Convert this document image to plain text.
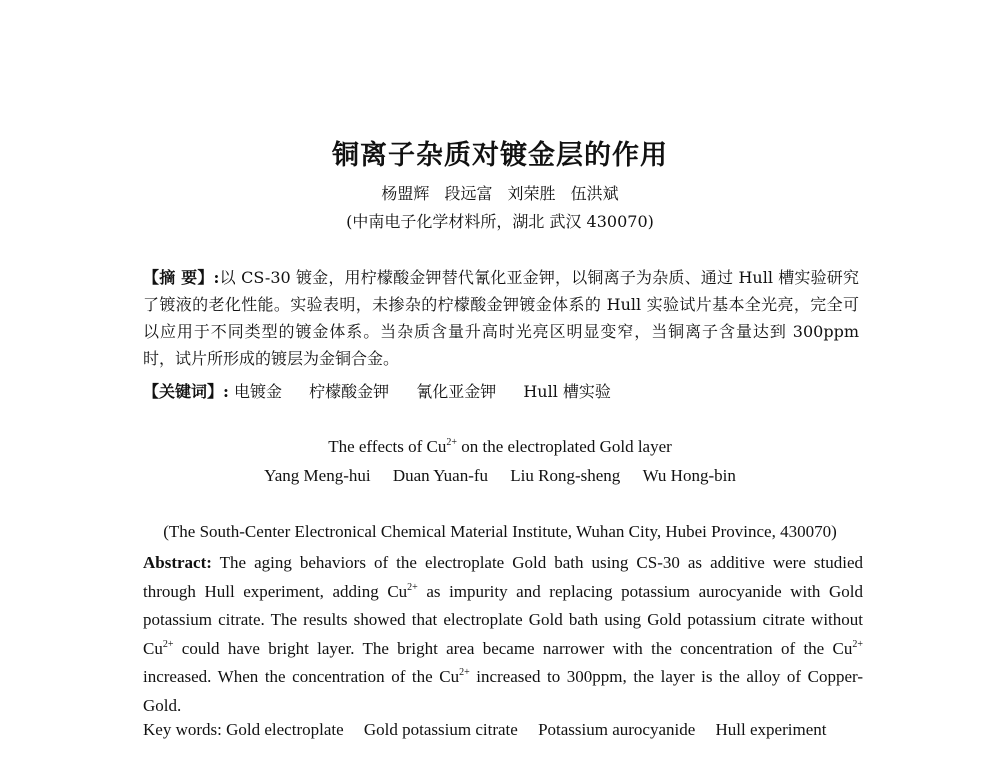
铜离子杂质对镀金层的作用
杨盟辉 段远富 刘荣胜 伍洪斌
(中南电子化学材料所，湖北 武汉 430070)
【摘 要】:以 CS-30 镀金，用柠檬酸金钾替代氰化亚金钾，以铜离子为杂质、通过 Hull 槽实验研究了镀液的老化性能。实验表明，未掺杂的柠檬酸金钾镀金体系的 Hull 实验试片基本全光亮，完全可以应用于不同类型的镀金体系。当杂质含量升高时光亮区明显变窄，当铜离子含量达到 300ppm 时，试片所形成的镀层为金铜合金。
【关键词】: 电镀金 柠檬酸金钾 氰化亚金钾 Hull 槽实验
The effects of $Cu^{2+}$ on the electroplated Gold layer
Yang Meng-hui Duan Yuan-fu Liu Rong-sheng Wu Hong-bin
(The South-Center Electronical Chemical Material Institute, Wuhan City, Hubei Province, 430070)
Abstract: The aging behaviors of the electroplate Gold bath using CS-30 as additive were studied through Hull experiment, adding $Cu^{2+}$ as impurity and replacing potassium aurocyanide with Gold potassium citrate. The results showed that electroplate Gold bath using Gold potassium citrate without $Cu^{2+}$ could have bright layer. The bright area became narrower with the concentration of the $Cu^{2+}$ increased. When the concentration of the $Cu^{2+}$ increased to 300ppm, the layer is the alloy of Copper-Gold.
Key words: Gold electroplate Gold potassium citrate Potassium aurocyanide Hull experiment
